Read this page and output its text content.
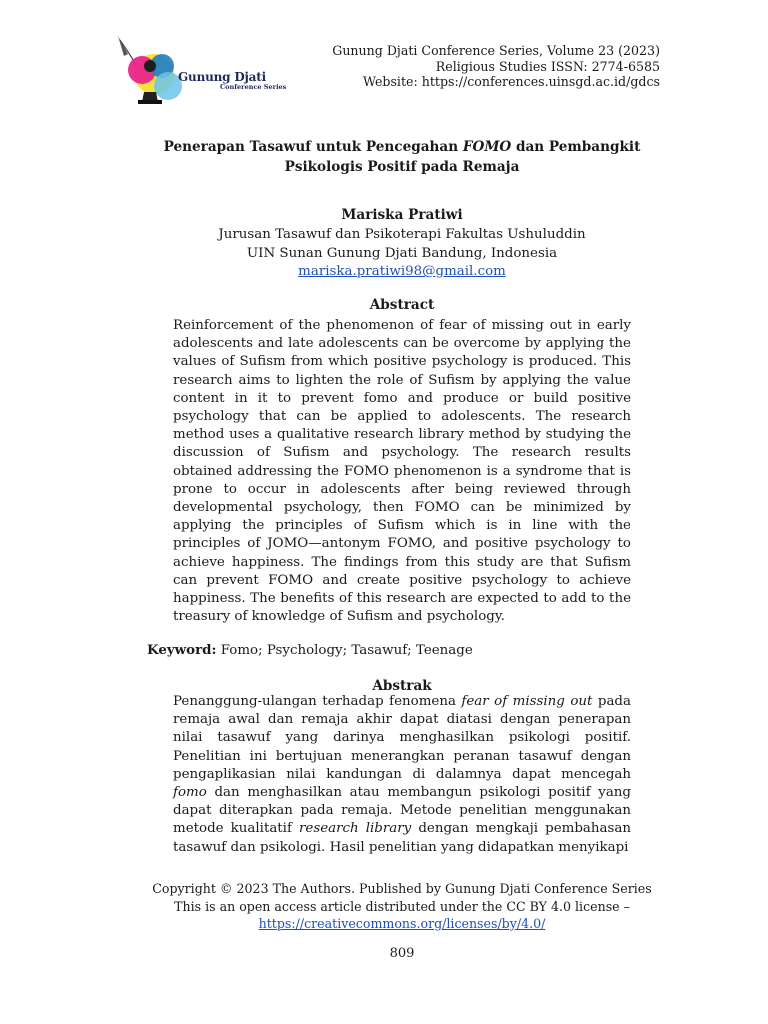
Gunung Djati
Conference Series
Gunung Djati Conference Series, Volume 23 (2023)
Religious Studies ISSN: 2774-6585
Website: https://conferences.uinsgd.ac.id/gdcs
Penerapan Tasawuf untuk Pencegahan FOMO dan Pembangkit
Psikologis Positif pada Remaja
Mariska Pratiwi
Jurusan Tasawuf dan Psikoterapi Fakultas Ushuluddin
UIN Sunan Gunung Djati Bandung, Indonesia
mariska.pratiwi98@gmail.com
Abstract

Reinforcement of the phenomenon of fear of missing out in early adolescents and late adolescents can be overcome by applying the values of Sufism from which positive psychology is produced. This research aims to lighten the role of Sufism by applying the value content in it to prevent fomo and produce or build positive psychology that can be applied to adolescents. The research method uses a qualitative research library method by studying the discussion of Sufism and psychology. The research results obtained addressing the FOMO phenomenon is a syndrome that is prone to occur in adolescents after being reviewed through developmental psychology, then FOMO can be minimized by applying the principles of Sufism which is in line with the principles of JOMO—antonym FOMO, and positive psychology to achieve happiness. The findings from this study are that Sufism can prevent FOMO and create positive psychology to achieve happiness. The benefits of this research are expected to add to the treasury of knowledge of Sufism and psychology.

Keyword: Fomo; Psychology; Tasawuf; Teenage
Abstrak

Penanggung-ulangan terhadap fenomena fear of missing out pada remaja awal dan remaja akhir dapat diatasi dengan penerapan nilai tasawuf yang darinya menghasilkan psikologi positif. Penelitian ini bertujuan menerangkan peranan tasawuf dengan pengaplikasian nilai kandungan di dalamnya dapat mencegah fomo dan menghasilkan atau membangun psikologi positif yang dapat diterapkan pada remaja. Metode penelitian menggunakan metode kualitatif research library dengan mengkaji pembahasan tasawuf dan psikologi. Hasil penelitian yang didapatkan menyikapi

Copyright © 2023 The Authors. Published by Gunung Djati Conference Series
This is an open access article distributed under the CC BY 4.0 license –
https://creativecommons.org/licenses/by/4.0/
809
